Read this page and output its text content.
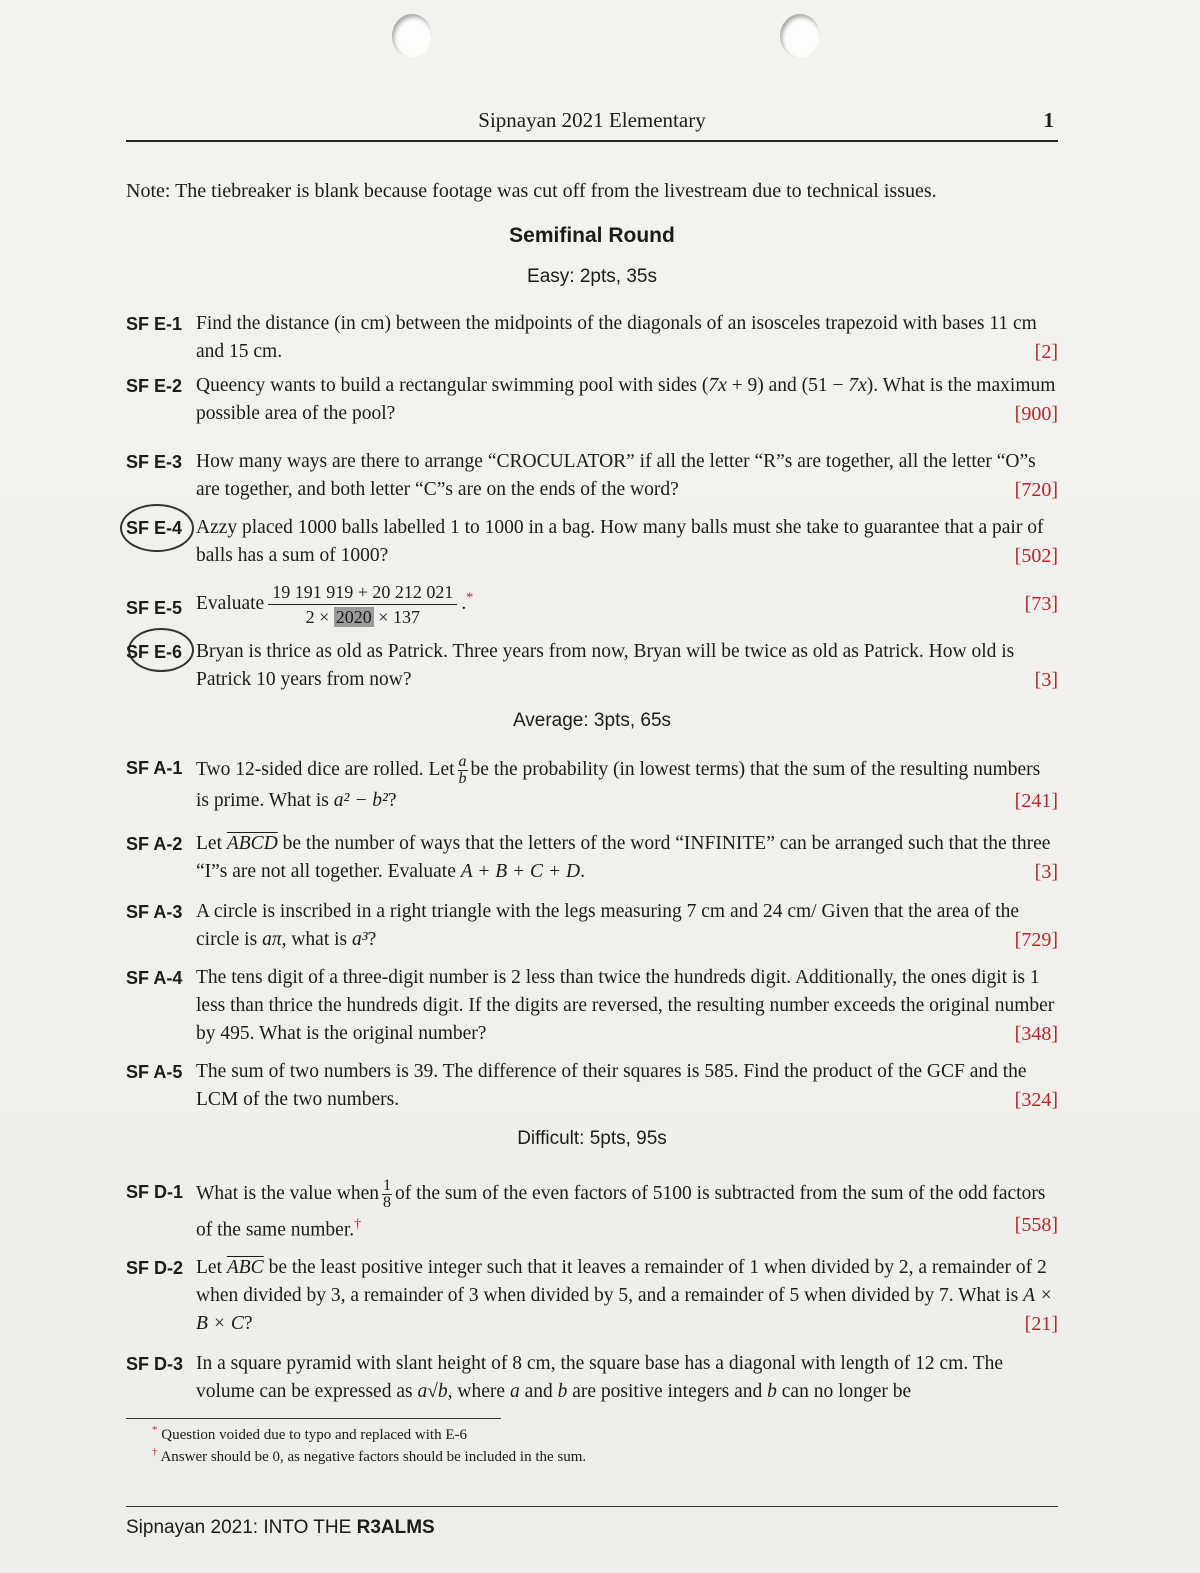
Sipnayan 2021 Elementary	1
Note: The tiebreaker is blank because footage was cut off from the livestream due to technical issues.
Semifinal Round
Easy: 2pts, 35s
SF E-1 Find the distance (in cm) between the midpoints of the diagonals of an isosceles trapezoid with bases 11 cm and 15 cm.	[2]
SF E-2 Queency wants to build a rectangular swimming pool with sides (7x + 9) and (51 − 7x). What is the maximum possible area of the pool?	[900]
SF E-3 How many ways are there to arrange “CROCULATOR” if all the letter “R”s are together, all the letter “O”s are together, and both letter “C”s are on the ends of the word?	[720]
SF E-4 Azzy placed 1000 balls labelled 1 to 1000 in a bag. How many balls must she take to guarantee that a pair of balls has a sum of 1000?	[502]
SF E-5 Evaluate $\frac{19 191 919 + 20 212 021}{2 \times 2020 \times 137} .^*$	[73]
SF E-6 Bryan is thrice as old as Patrick. Three years from now, Bryan will be twice as old as Patrick. How old is Patrick 10 years from now?	[3]
Average: 3pts, 65s
SF A-1 Two 12-sided dice are rolled. Let $\frac{a}{b}$ be the probability (in lowest terms) that the sum of the resulting numbers is prime. What is a² − b²?	[241]
SF A-2 Let ABCD be the number of ways that the letters of the word “INFINITE” can be arranged such that the three “I”s are not all together. Evaluate A + B + C + D.	[3]
SF A-3 A circle is inscribed in a right triangle with the legs measuring 7 cm and 24 cm/ Given that the area of the circle is aπ, what is a³?	[729]
SF A-4 The tens digit of a three-digit number is 2 less than twice the hundreds digit. Additionally, the ones digit is 1 less than thrice the hundreds digit. If the digits are reversed, the resulting number exceeds the original number by 495. What is the original number?	[348]
SF A-5 The sum of two numbers is 39. The difference of their squares is 585. Find the product of the GCF and the LCM of the two numbers.	[324]
Difficult: 5pts, 95s
SF D-1 What is the value when $\frac{1}{8}$ of the sum of the even factors of 5100 is subtracted from the sum of the odd factors of the same number.†	[558]
SF D-2 Let $\overline{ABC}$ be the least positive integer such that it leaves a remainder of 1 when divided by 2, a remainder of 2 when divided by 3, a remainder of 3 when divided by 5, and a remainder of 5 when divided by 7. What is A × B × C?	[21]
SF D-3 In a square pyramid with slant height of 8 cm, the square base has a diagonal with length of 12 cm. The volume can be expressed as a√b, where a and b are positive integers and b can no longer be
* Question voided due to typo and replaced with E-6
† Answer should be 0, as negative factors should be included in the sum.
Sipnayan 2021: INTO THE R3ALMS
